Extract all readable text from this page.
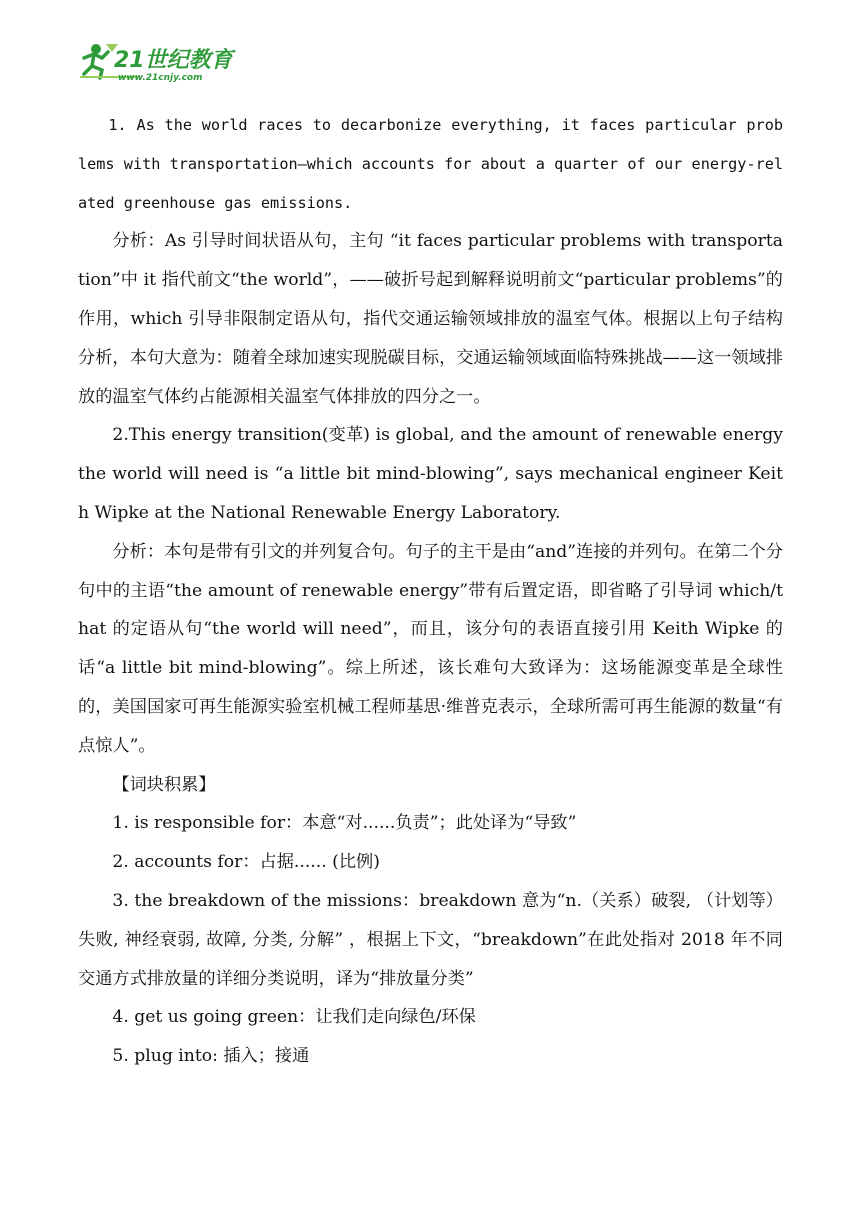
21世纪教育
www.21cnjy.com

1. As the world races to decarbonize everything, it faces particular problems with transportation—which accounts for about a quarter of our energy-related greenhouse gas emissions.

分析：As 引导时间状语从句，主句 “it faces particular problems with transportation”中 it 指代前文“the world”，——破折号起到解释说明前文“particular problems”的作用，which 引导非限制定语从句，指代交通运输领域排放的温室气体。根据以上句子结构分析，本句大意为：随着全球加速实现脱碳目标，交通运输领域面临特殊挑战——这一领域排放的温室气体约占能源相关温室气体排放的四分之一。

2.This energy transition(变革) is global, and the amount of renewable energy the world will need is “a little bit mind-blowing”, says mechanical engineer Keith Wipke at the National Renewable Energy Laboratory.

分析：本句是带有引文的并列复合句。句子的主干是由“and”连接的并列句。在第二个分句中的主语“the amount of renewable energy”带有后置定语，即省略了引导词 which/that 的定语从句“the world will need”，而且，该分句的表语直接引用 Keith Wipke 的话“a little bit mind-blowing”。综上所述，该长难句大致译为：这场能源变革是全球性的，美国国家可再生能源实验室机械工程师基思·维普克表示，全球所需可再生能源的数量“有点惊人”。

【词块积累】

1. is responsible for：本意“对......负责”；此处译为“导致”

2. accounts for：占据...... (比例)

3. the breakdown of the missions：breakdown 意为“n.（关系）破裂, （计划等）失败, 神经衰弱, 故障, 分类, 分解” ，根据上下文，“breakdown”在此处指对 2018 年不同交通方式排放量的详细分类说明，译为“排放量分类”

4. get us going green：让我们走向绿色/环保

5. plug into: 插入；接通
